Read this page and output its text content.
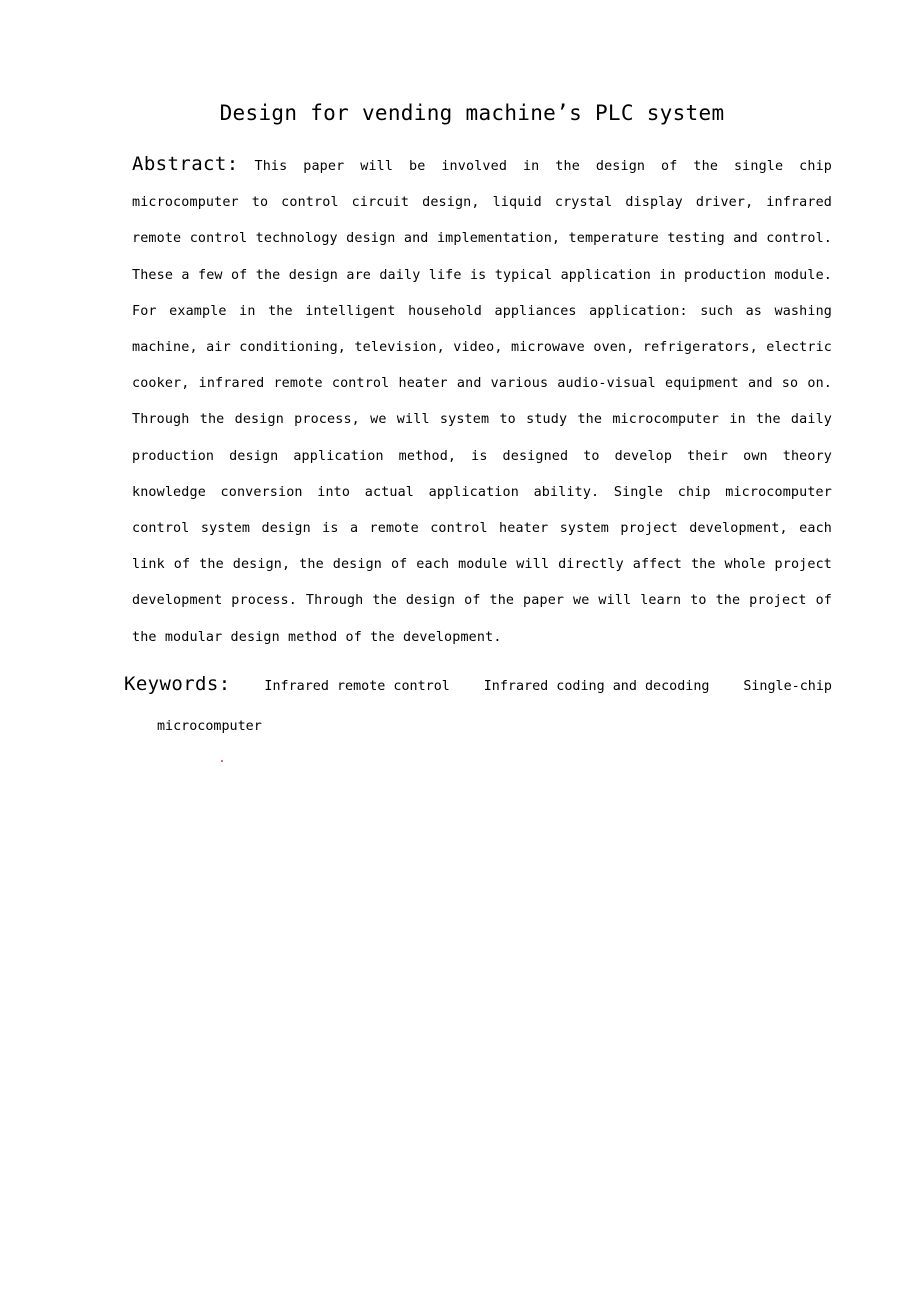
Design for vending machine’s PLC system

Abstract: This paper will be involved in the design of the single chip microcomputer to control circuit design, liquid crystal display driver, infrared remote control technology design and implementation, temperature testing and control. These a few of the design are daily life is typical application in production module. For example in the intelligent household appliances application: such as washing machine, air conditioning, television, video, microwave oven, refrigerators, electric cooker, infrared remote control heater and various audio-visual equipment and so on. Through the design process, we will system to study the microcomputer in the daily production design application method, is designed to develop their own theory knowledge conversion into actual application ability. Single chip microcomputer control system design is a remote control heater system project development, each link of the design, the design of each module will directly affect the whole project development process. Through the design of the paper we will learn to the project of the modular design method of the development.

Keywords:	Infrared remote control	Infrared coding and decoding	Single-chip
microcomputer
